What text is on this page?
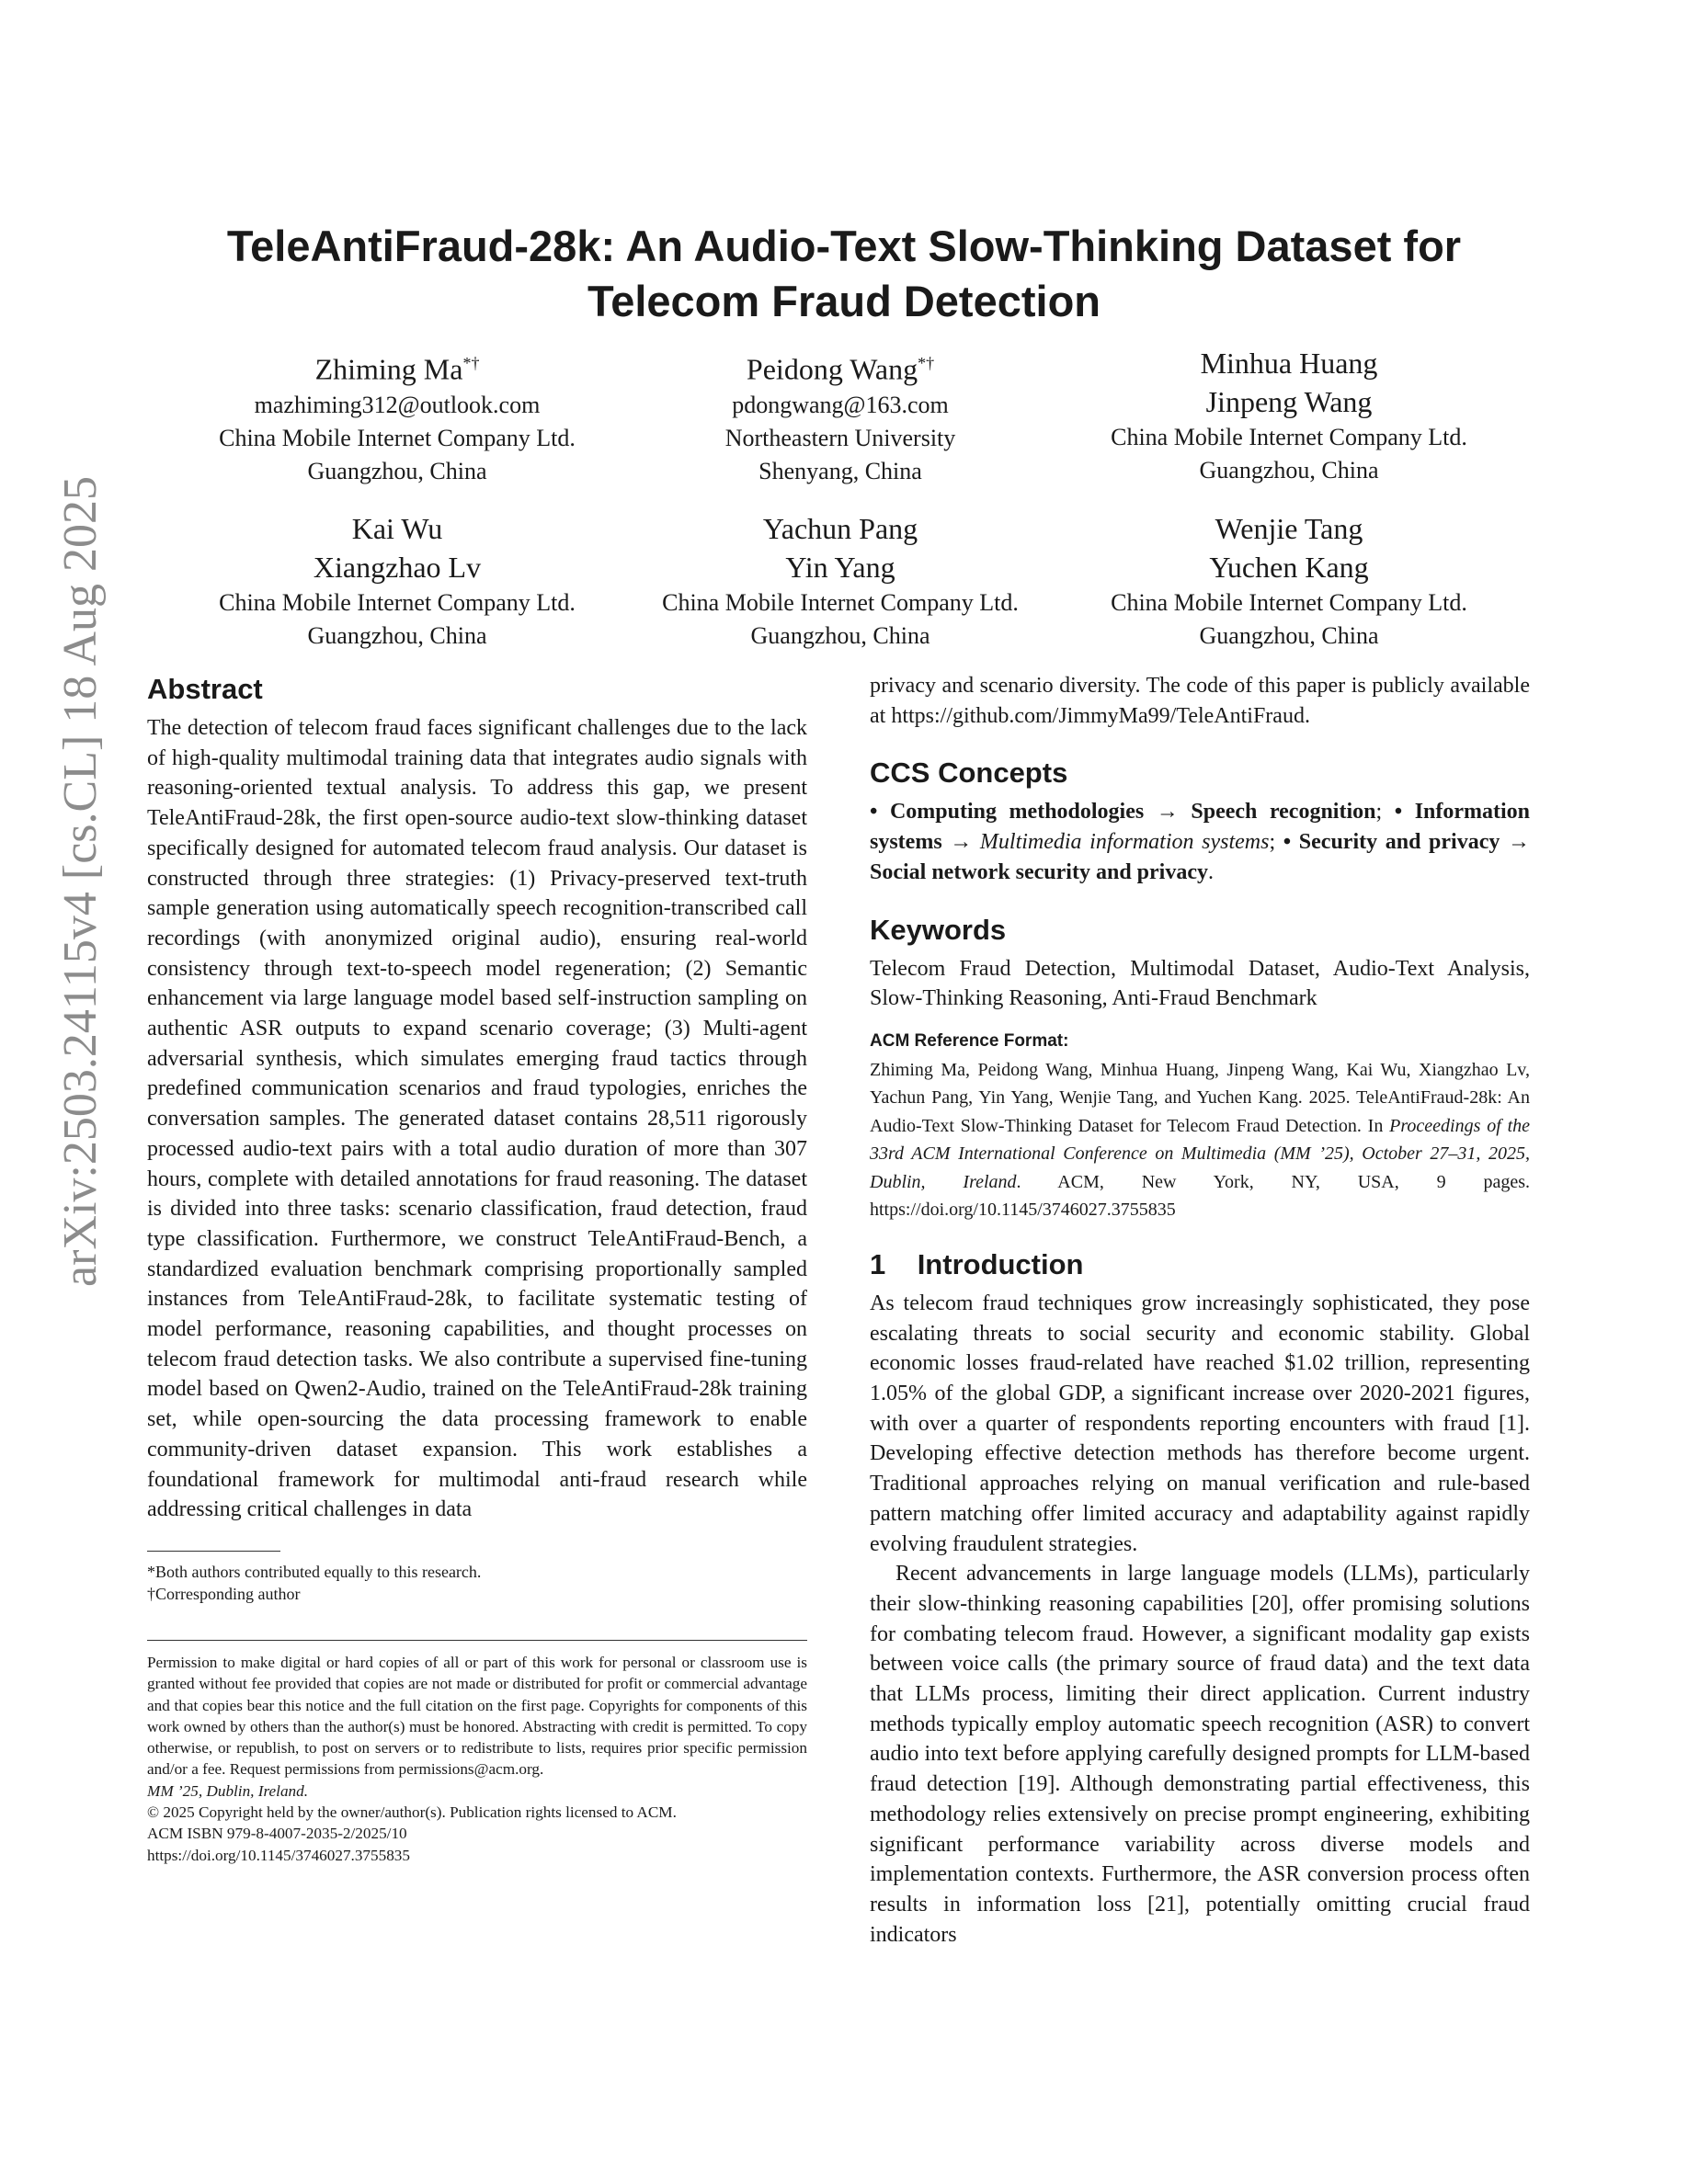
TeleAntiFraud-28k: An Audio-Text Slow-Thinking Dataset for
Telecom Fraud Detection
Zhiming Ma*†
mazhiming312@outlook.com
China Mobile Internet Company Ltd.
Guangzhou, China
Peidong Wang*†
pdongwang@163.com
Northeastern University
Shenyang, China
Minhua Huang
Jinpeng Wang
China Mobile Internet Company Ltd.
Guangzhou, China
Kai Wu
Xiangzhao Lv
China Mobile Internet Company Ltd.
Guangzhou, China
Yachun Pang
Yin Yang
China Mobile Internet Company Ltd.
Guangzhou, China
Wenjie Tang
Yuchen Kang
China Mobile Internet Company Ltd.
Guangzhou, China
arXiv:2503.24115v4 [cs.CL] 18 Aug 2025 Abstract

The detection of telecom fraud faces significant challenges due to the lack of high-quality multimodal training data that integrates audio signals with reasoning-oriented textual analysis. To address this gap, we present TeleAntiFraud-28k, the first open-source audio-text slow-thinking dataset specifically designed for automated telecom fraud analysis. Our dataset is constructed through three strategies: (1) Privacy-preserved text-truth sample generation using automatically speech recognition-transcribed call recordings (with anonymized original audio), ensuring real-world consistency through text-to-speech model regeneration; (2) Semantic enhancement via large language model based self-instruction sampling on authentic ASR outputs to expand scenario coverage; (3) Multi-agent adversarial synthesis, which simulates emerging fraud tactics through predefined communication scenarios and fraud typologies, enriches the conversation samples. The generated dataset contains 28,511 rigorously processed audio-text pairs with a total audio duration of more than 307 hours, complete with detailed annotations for fraud reasoning. The dataset is divided into three tasks: scenario classification, fraud detection, fraud type classification. Furthermore, we construct TeleAntiFraud-Bench, a standardized evaluation benchmark comprising proportionally sampled instances from TeleAntiFraud-28k, to facilitate systematic testing of model performance, reasoning capabilities, and thought processes on telecom fraud detection tasks. We also contribute a supervised fine-tuning model based on Qwen2-Audio, trained on the TeleAntiFraud-28k training set, while open-sourcing the data processing framework to enable community-driven dataset expansion. This work establishes a foundational framework for multimodal anti-fraud research while addressing critical challenges in data

*Both authors contributed equally to this research.

†Corresponding author

Permission to make digital or hard copies of all or part of this work for personal or classroom use is granted without fee provided that copies are not made or distributed for profit or commercial advantage and that copies bear this notice and the full citation on the first page. Copyrights for components of this work owned by others than the author(s) must be honored. Abstracting with credit is permitted. To copy otherwise, or republish, to post on servers or to redistribute to lists, requires prior specific permission and/or a fee. Request permissions from permissions@acm.org.

MM ’25, Dublin, Ireland.

© 2025 Copyright held by the owner/author(s). Publication rights licensed to ACM.

ACM ISBN 979-8-4007-2035-2/2025/10

https://doi.org/10.1145/3746027.3755835

privacy and scenario diversity. The code of this paper is publicly available at https://github.com/JimmyMa99/TeleAntiFraud.

CCS Concepts

• Computing methodologies → Speech recognition; • Information systems → Multimedia information systems; • Security and privacy → Social network security and privacy.

Keywords

Telecom Fraud Detection, Multimodal Dataset, Audio-Text Analysis, Slow-Thinking Reasoning, Anti-Fraud Benchmark

ACM Reference Format:

Zhiming Ma, Peidong Wang, Minhua Huang, Jinpeng Wang, Kai Wu, Xiangzhao Lv, Yachun Pang, Yin Yang, Wenjie Tang, and Yuchen Kang. 2025. TeleAntiFraud-28k: An Audio-Text Slow-Thinking Dataset for Telecom Fraud Detection. In Proceedings of the 33rd ACM International Conference on Multimedia (MM ’25), October 27–31, 2025, Dublin, Ireland. ACM, New York, NY, USA, 9 pages. https://doi.org/10.1145/3746027.3755835

1    Introduction

As telecom fraud techniques grow increasingly sophisticated, they pose escalating threats to social security and economic stability. Global economic losses fraud-related have reached $1.02 trillion, representing 1.05% of the global GDP, a significant increase over 2020-2021 figures, with over a quarter of respondents reporting encounters with fraud [1]. Developing effective detection methods has therefore become urgent. Traditional approaches relying on manual verification and rule-based pattern matching offer limited accuracy and adaptability against rapidly evolving fraudulent strategies.

Recent advancements in large language models (LLMs), particularly their slow-thinking reasoning capabilities [20], offer promising solutions for combating telecom fraud. However, a significant modality gap exists between voice calls (the primary source of fraud data) and the text data that LLMs process, limiting their direct application. Current industry methods typically employ automatic speech recognition (ASR) to convert audio into text before applying carefully designed prompts for LLM-based fraud detection [19]. Although demonstrating partial effectiveness, this methodology relies extensively on precise prompt engineering, exhibiting significant performance variability across diverse models and implementation contexts. Furthermore, the ASR conversion process often results in information loss [21], potentially omitting crucial fraud indicators
